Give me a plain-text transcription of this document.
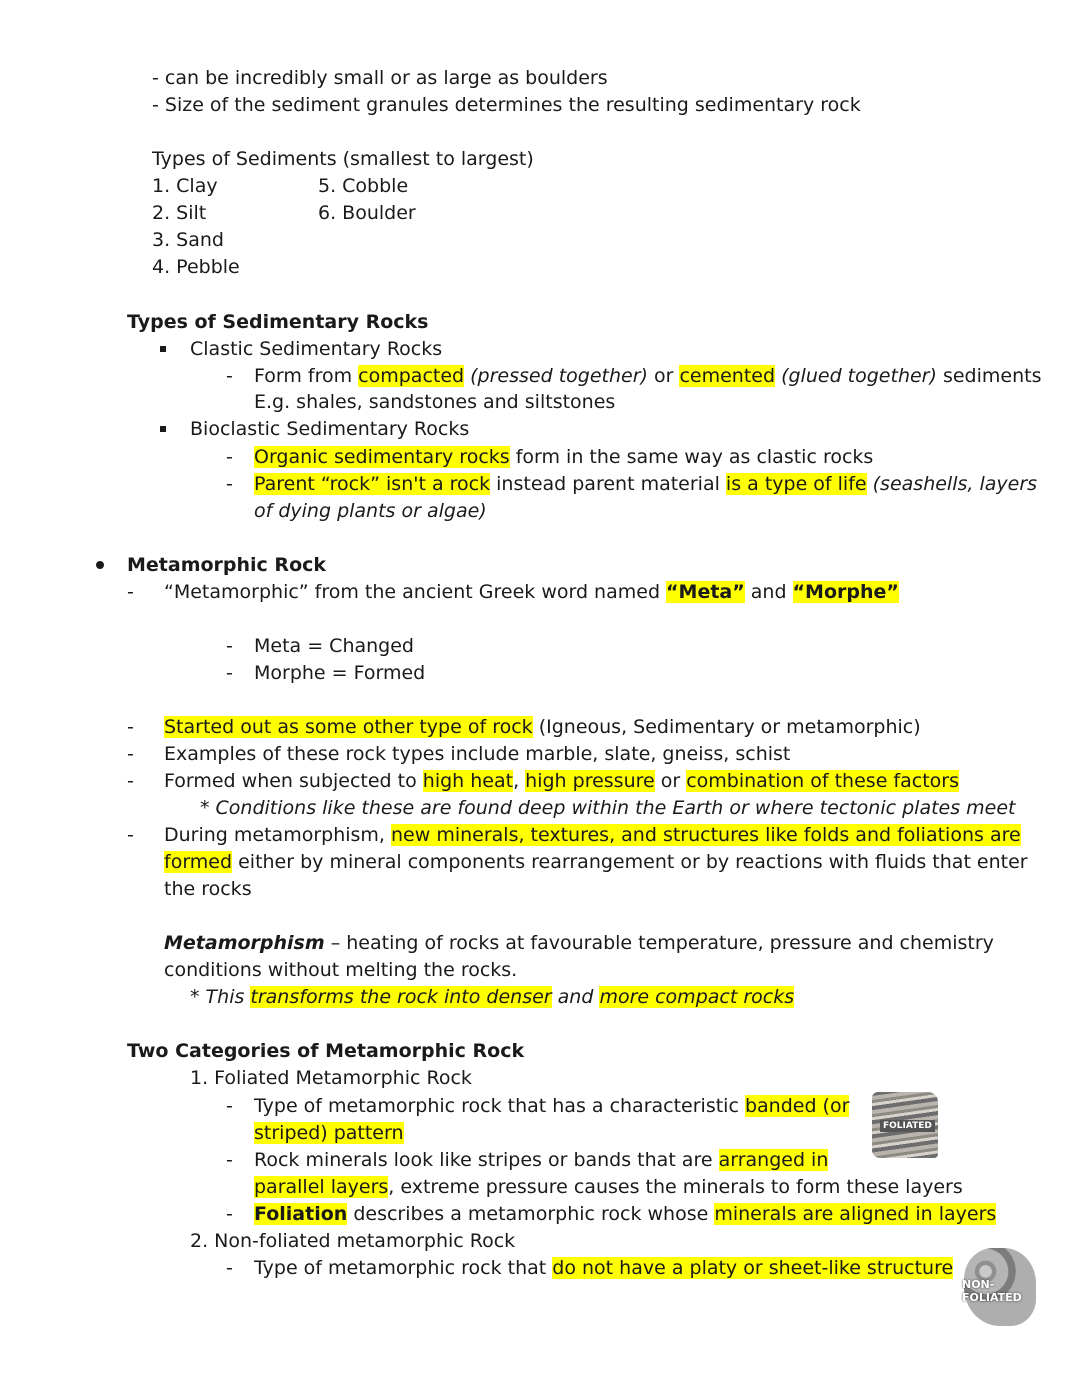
- can be incredibly small or as large as boulders
- Size of the sediment granules determines the resulting sedimentary rock
Types of Sediments (smallest to largest)
1. Clay
2. Silt
3. Sand
4. Pebble
5. Cobble
6. Boulder
Types of Sedimentary Rocks
Clastic Sedimentary Rocks
- Form from compacted (pressed together) or cemented (glued together) sediments
E.g. shales, sandstones and siltstones
Bioclastic Sedimentary Rocks
- Organic sedimentary rocks form in the same way as clastic rocks
- Parent “rock” isn't a rock instead parent material is a type of life (seashells, layers
of dying plants or algae)
Metamorphic Rock
- “Metamorphic” from the ancient Greek word named “Meta” and “Morphe”
- Meta = Changed
- Morphe = Formed
- Started out as some other type of rock (Igneous, Sedimentary or metamorphic)
- Examples of these rock types include marble, slate, gneiss, schist
- Formed when subjected to high heat, high pressure or combination of these factors
* Conditions like these are found deep within the Earth or where tectonic plates meet
- During metamorphism, new minerals, textures, and structures like folds and foliations are
formed either by mineral components rearrangement or by reactions with fluids that enter
the rocks
Metamorphism – heating of rocks at favourable temperature, pressure and chemistry
conditions without melting the rocks.
* This transforms the rock into denser and more compact rocks
Two Categories of Metamorphic Rock
1. Foliated Metamorphic Rock
- Type of metamorphic rock that has a characteristic banded (or
striped) pattern
- Rock minerals look like stripes or bands that are arranged in
parallel layers, extreme pressure causes the minerals to form these layers
- Foliation describes a metamorphic rock whose minerals are aligned in layers
FOLIATED
2. Non-foliated metamorphic Rock
- Type of metamorphic rock that do not have a platy or sheet-like structure
NON-FOLIATED
